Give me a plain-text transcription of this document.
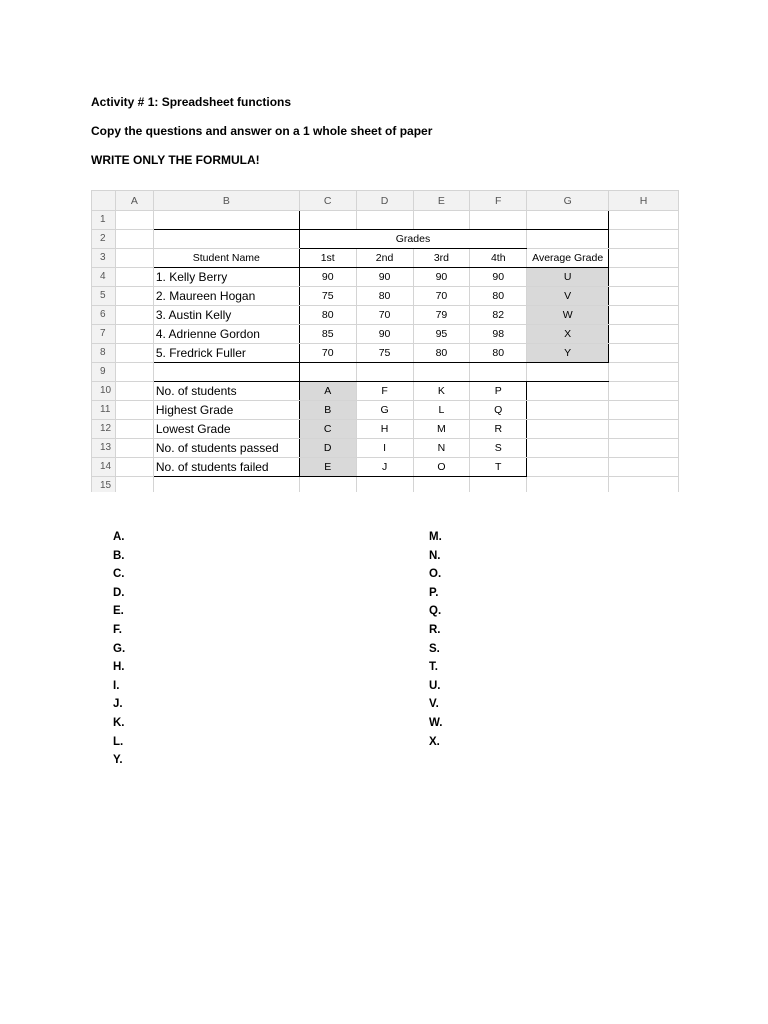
Activity # 1: Spreadsheet functions
Copy the questions and answer on a 1 whole sheet of paper
WRITE ONLY THE FORMULA!
	A	B	C	D	E	F	G	H
1								
2			Grades					
3		Student Name	1st	2nd	3rd	4th	Average Grade	
4		1. Kelly Berry	90	90	90	90	U	
5		2. Maureen Hogan	75	80	70	80	V	
6		3. Austin Kelly	80	70	79	82	W	
7		4. Adrienne Gordon	85	90	95	98	X	
8		5. Fredrick Fuller	70	75	80	80	Y	
9								
10		No. of students	A	F	K	P		
11		Highest Grade	B	G	L	Q		
12		Lowest Grade	C	H	M	R		
13		No. of students passed	D	I	N	S		
14		No. of students failed	E	J	O	T		
15								
A.
B.
C.
D.
E.
F.
G.
H.
I.
J.
K.
L.
Y.
M.
N.
O.
P.
Q.
R.
S.
T.
U.
V.
W.
X.
